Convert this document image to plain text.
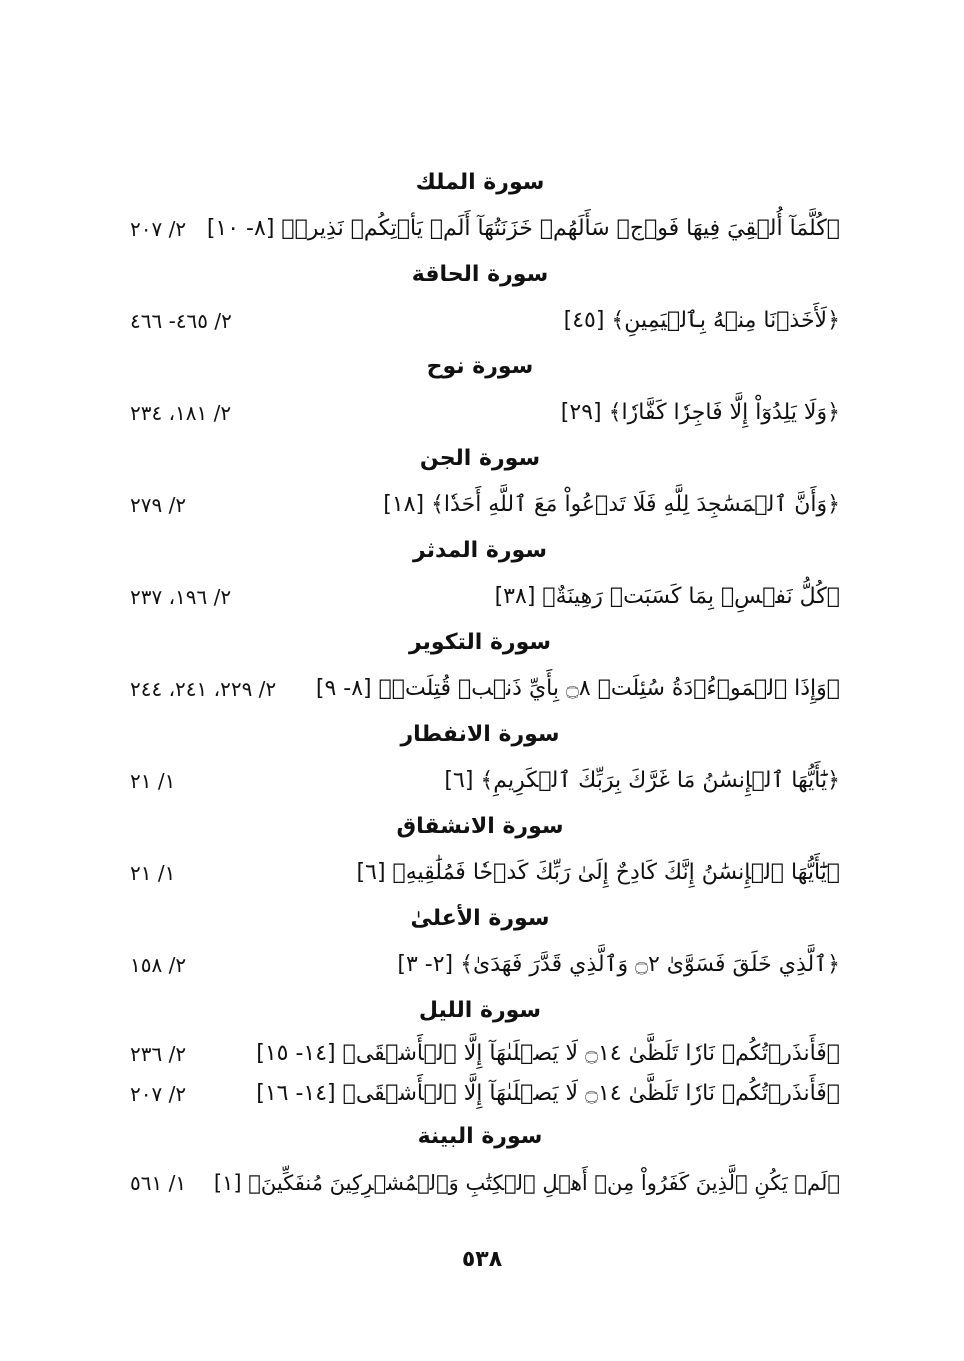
سورة الملك
﴿كُلَّمَآ أُلۡقِيَ فِيهَا فَوۡجٞ سَأَلَهُمۡ خَزَنَتُهَآ أَلَمۡ يَأۡتِكُمۡ نَذِيرٞ﴾ [٨- ١٠]
٢/ ٢٠٧
سورة الحاقة
﴿لَأَخَذۡنَا مِنۡهُ بِٱلۡيَمِينِ﴾ [٤٥]
٢/ ٤٦٥- ٤٦٦
سورة نوح
﴿وَلَا يَلِدُوٓاْ إِلَّا فَاجِرٗا كَفَّارٗا﴾ [٢٩]
٢/ ١٨١، ٢٣٤
سورة الجن
﴿وَأَنَّ ٱلۡمَسَٰجِدَ لِلَّهِ فَلَا تَدۡعُواْ مَعَ ٱللَّهِ أَحَدٗا﴾ [١٨]
٢/ ٢٧٩
سورة المدثر
﴿كُلُّ نَفۡسِۭ بِمَا كَسَبَتۡ رَهِينَةٌ﴾ [٣٨]
٢/ ١٩٦، ٢٣٧
سورة التكوير
﴿وَإِذَا ٱلۡمَوۡءُۥدَةُ سُئِلَتۡ ۝٨ بِأَيِّ ذَنۢبٖ قُتِلَتۡ﴾ [٨- ٩]
٢/ ٢٢٩، ٢٤١، ٢٤٤
سورة الانفطار
﴿يَٰٓأَيُّهَا ٱلۡإِنسَٰنُ مَا غَرَّكَ بِرَبِّكَ ٱلۡكَرِيمِ﴾ [٦]
١/ ٢١
سورة الانشقاق
﴿يَٰٓأَيُّهَا ٱلۡإِنسَٰنُ إِنَّكَ كَادِحٌ إِلَىٰ رَبِّكَ كَدۡحٗا فَمُلَٰقِيهِ﴾ [٦]
١/ ٢١
سورة الأعلىٰ
﴿ٱلَّذِي خَلَقَ فَسَوَّىٰ ۝٢ وَٱلَّذِي قَدَّرَ فَهَدَىٰ﴾ [٢- ٣]
٢/ ١٥٨
سورة الليل
﴿فَأَنذَرۡتُكُمۡ نَارٗا تَلَظَّىٰ ۝١٤ لَا يَصۡلَىٰهَآ إِلَّا ٱلۡأَشۡقَى﴾ [١٤- ١٥]
٢/ ٢٣٦
﴿فَأَنذَرۡتُكُمۡ نَارٗا تَلَظَّىٰ ۝١٤ لَا يَصۡلَىٰهَآ إِلَّا ٱلۡأَشۡقَى﴾ [١٤- ١٦]
٢/ ٢٠٧
سورة البينة
﴿لَمۡ يَكُنِ ٱلَّذِينَ كَفَرُواْ مِنۡ أَهۡلِ ٱلۡكِتَٰبِ وَٱلۡمُشۡرِكِينَ مُنفَكِّينَ﴾ [١]
١/ ٥٦١
٥٣٨
